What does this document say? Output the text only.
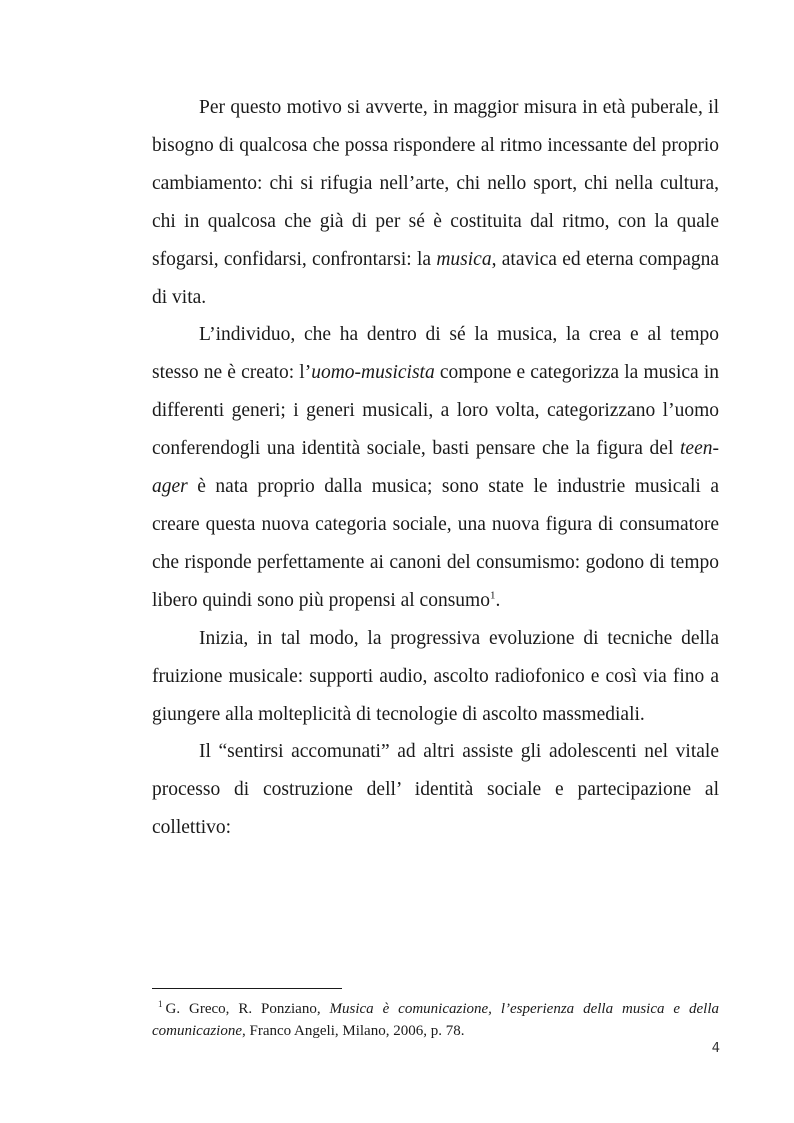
Per questo motivo si avverte, in maggior misura in età puberale, il bisogno di qualcosa che possa rispondere al ritmo incessante del proprio cambiamento: chi si rifugia nell’arte, chi nello sport, chi nella cultura, chi in qualcosa che già di per sé è costituita dal ritmo, con la quale sfogarsi, confidarsi, confrontarsi: la musica, atavica ed eterna compagna di vita.

L’individuo, che ha dentro di sé la musica, la crea e al tempo stesso ne è creato: l’uomo-musicista compone e categorizza la musica in differenti generi; i generi musicali, a loro volta, categorizzano l’uomo conferendogli una identità sociale, basti pensare che la figura del teen-ager è nata proprio dalla musica; sono state le industrie musicali a creare questa nuova categoria sociale, una nuova figura di consumatore che risponde perfettamente ai canoni del consumismo: godono di tempo libero quindi sono più propensi al consumo$^1$.

Inizia, in tal modo, la progressiva evoluzione di tecniche della fruizione musicale: supporti audio, ascolto radiofonico e così via fino a giungere alla molteplicità di tecnologie di ascolto massmediali.

Il “sentirsi accomunati” ad altri assiste gli adolescenti nel vitale processo di costruzione dell’ identità sociale e partecipazione al collettivo:

$^1$ G. Greco, R. Ponziano, Musica è comunicazione, l’esperienza della musica e della comunicazione, Franco Angeli, Milano, 2006, p. 78.
4
